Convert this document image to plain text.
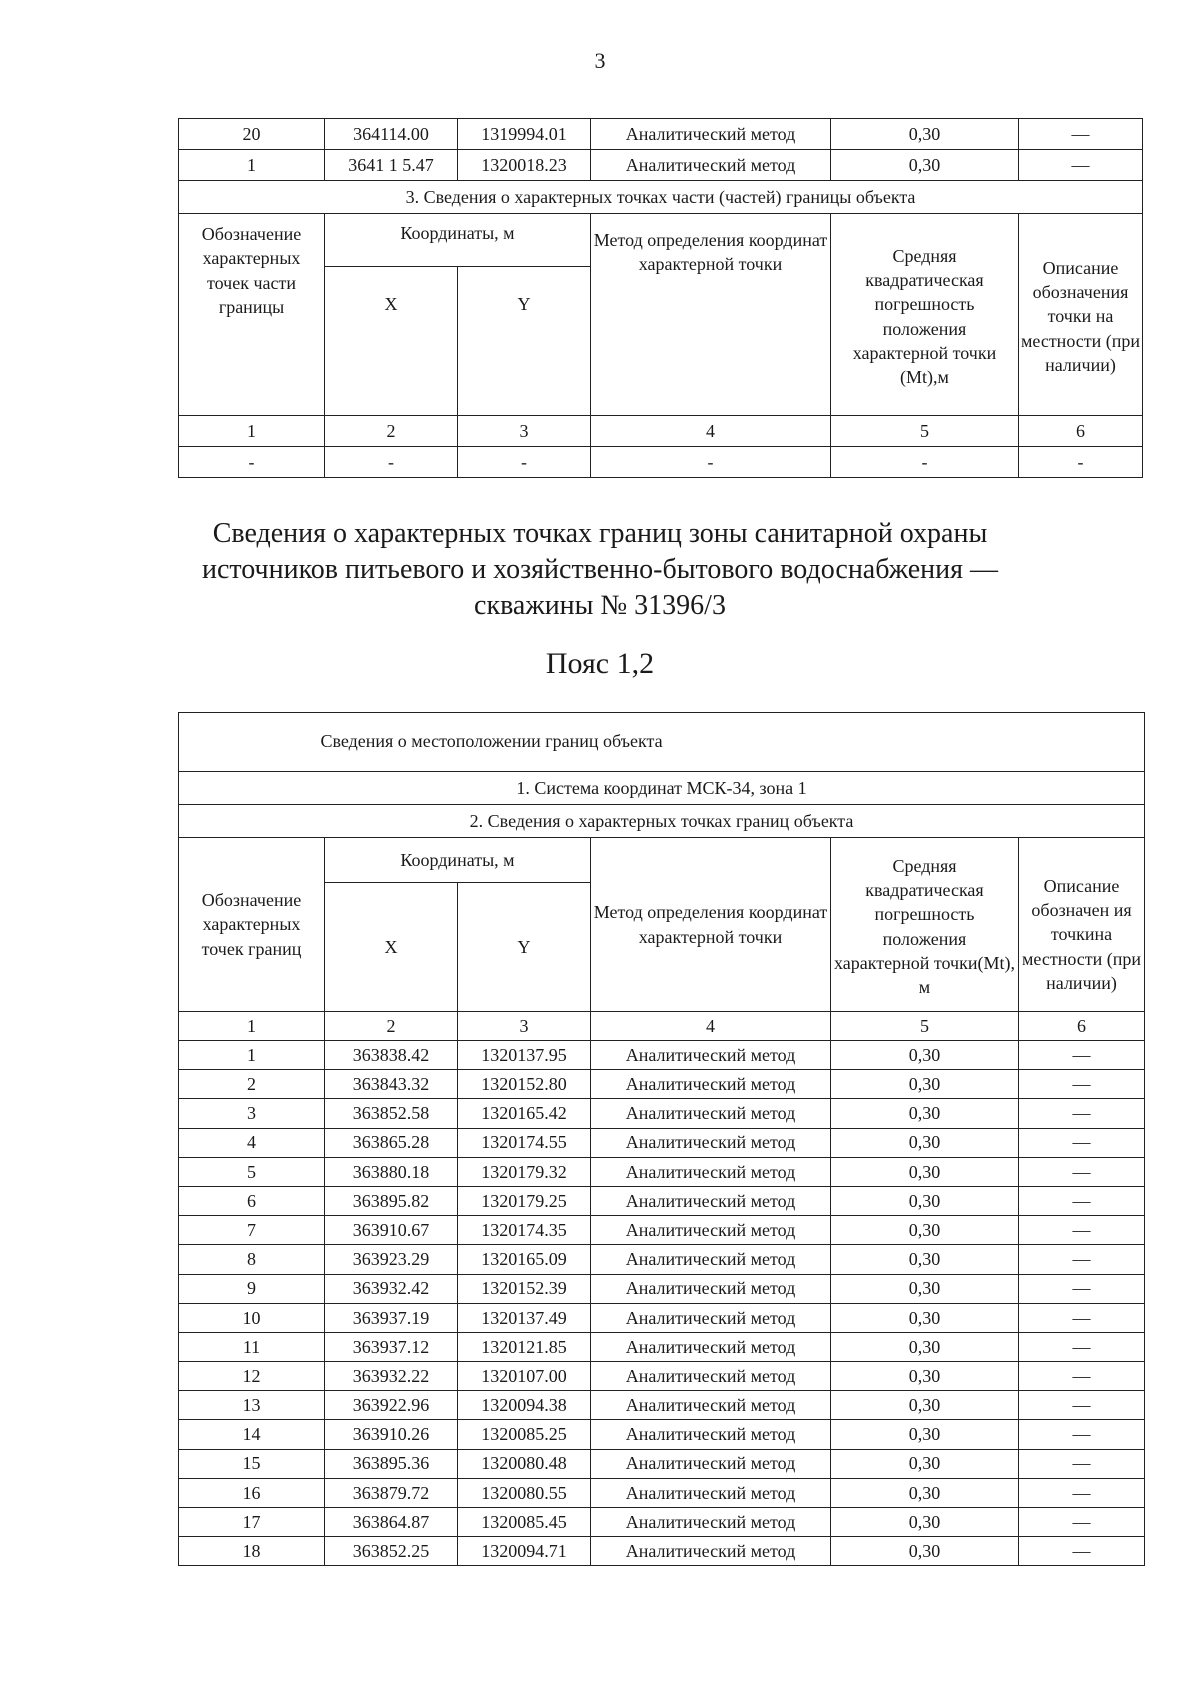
3
20	364114.00	1319994.01	Аналитический метод	0,30	—
1	3641 1 5.47	1320018.23	Аналитический метод	0,30	—
3. Сведения о характерных точках части (частей) границы объекта					
Обозначение характерных точек части границы	Координаты, м		Метод определения координат характерной точки	Средняя квадратическая погрешность положения характерной точки (Mt),м	Описание обозначения точки на местности (при наличии)
	X	Y			
1	2	3	4	5	6
-	-	-	-	-	-
Сведения о характерных точках границ зоны санитарной охраны
источников питьевого и хозяйственно-бытового водоснабжения —
скважины № 31396/3
Пояс 1,2
Сведения о местоположении границ объекта					
1. Система координат МСК-34, зона 1					
2. Сведения о характерных точках границ объекта					
Обозначение характерных точек границ	Координаты, м		Метод определения координат характерной точки	Средняя квадратическая погрешность положения характерной точки(Mt), м	Описание обозначен ия точкина местности (при наличии)
	X	Y			
1	2	3	4	5	6
1	363838.42	1320137.95	Аналитический метод	0,30	—
2	363843.32	1320152.80	Аналитический метод	0,30	—
3	363852.58	1320165.42	Аналитический метод	0,30	—
4	363865.28	1320174.55	Аналитический метод	0,30	—
5	363880.18	1320179.32	Аналитический метод	0,30	—
6	363895.82	1320179.25	Аналитический метод	0,30	—
7	363910.67	1320174.35	Аналитический метод	0,30	—
8	363923.29	1320165.09	Аналитический метод	0,30	—
9	363932.42	1320152.39	Аналитический метод	0,30	—
10	363937.19	1320137.49	Аналитический метод	0,30	—
11	363937.12	1320121.85	Аналитический метод	0,30	—
12	363932.22	1320107.00	Аналитический метод	0,30	—
13	363922.96	1320094.38	Аналитический метод	0,30	—
14	363910.26	1320085.25	Аналитический метод	0,30	—
15	363895.36	1320080.48	Аналитический метод	0,30	—
16	363879.72	1320080.55	Аналитический метод	0,30	—
17	363864.87	1320085.45	Аналитический метод	0,30	—
18	363852.25	1320094.71	Аналитический метод	0,30	—
